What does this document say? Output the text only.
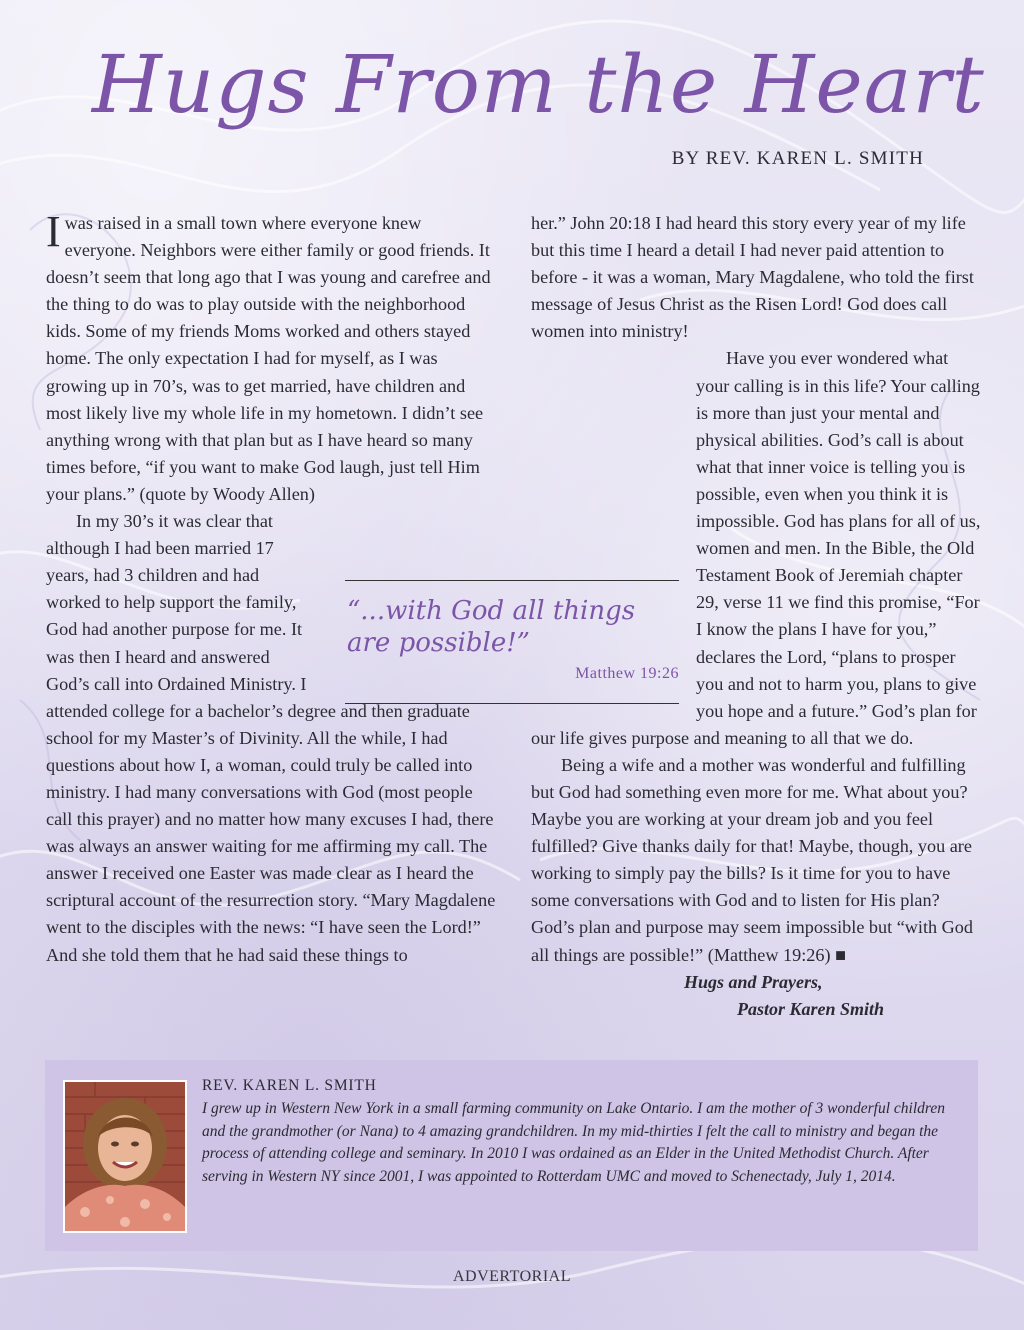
Hugs From the Heart
BY REV. KAREN L. SMITH

Iwas raised in a small town where everyone knew everyone. Neighbors were either family or good friends. It doesn’t seem that long ago that I was young and carefree and the thing to do was to play outside with the neighborhood kids. Some of my friends Moms worked and others stayed home. The only expectation I had for myself, as I was growing up in 70’s, was to get married, have children and most likely live my whole life in my hometown. I didn’t see anything wrong with that plan but as I have heard so many times before, “if you want to make God laugh, just tell Him your plans.” (quote by Woody Allen)

In my 30’s it was clear that although I had been married 17 years, had 3 children and had worked to help support the family, God had another purpose for me. It was then I heard and answered God’s call into Ordained Ministry. I attended college for a bachelor’s degree and then graduate school for my Master’s of Divinity. All the while, I had questions about how I, a woman, could truly be called into ministry. I had many conversations with God (most people call this prayer) and no matter how many excuses I had, there was always an answer waiting for me affirming my call. The answer I received one Easter was made clear as I heard the scriptural account of the resurrection story. “Mary Magdalene went to the disciples with the news: “I have seen the Lord!” And she told them that he had said these things to

her.” John 20:18 I had heard this story every year of my life but this time I heard a detail I had never paid attention to before - it was a woman, Mary Magdalene, who told the first message of Jesus Christ as the Risen Lord! God does call women into ministry!

Have you ever wondered what your calling is in this life? Your calling is more than just your mental and physical abilities. God’s call is about what that inner voice is telling you is possible, even when you think it is impossible. God has plans for all of us, women and men. In the Bible, the Old Testament Book of Jeremiah chapter 29, verse 11 we find this promise, “For I know the plans I have for you,” declares the Lord, “plans to prosper you and not to harm you, plans to give you hope and a future.” God’s plan for our life gives purpose and meaning to all that we do.

Being a wife and a mother was wonderful and fulfilling but God had something even more for me. What about you? Maybe you are working at your dream job and you feel fulfilled? Give thanks daily for that! Maybe, though, you are working to simply pay the bills? Is it time for you to have some conversations with God and to listen for His plan? God’s plan and purpose may seem impossible but “with God all things are possible!” (Matthew 19:26) ■

Hugs and Prayers,
Pastor Karen Smith
“...with God all things are possible!”
Matthew 19:26
REV. KAREN L. SMITH
I grew up in Western New York in a small farming community on Lake Ontario. I am the mother of 3 wonderful children and the grandmother (or Nana) to 4 amazing grandchildren. In my mid-thirties I felt the call to ministry and began the process of attending college and seminary. In 2010 I was ordained as an Elder in the United Methodist Church. After serving in Western NY since 2001, I was appointed to Rotterdam UMC and moved to Schenectady, July 1, 2014.
ADVERTORIAL
